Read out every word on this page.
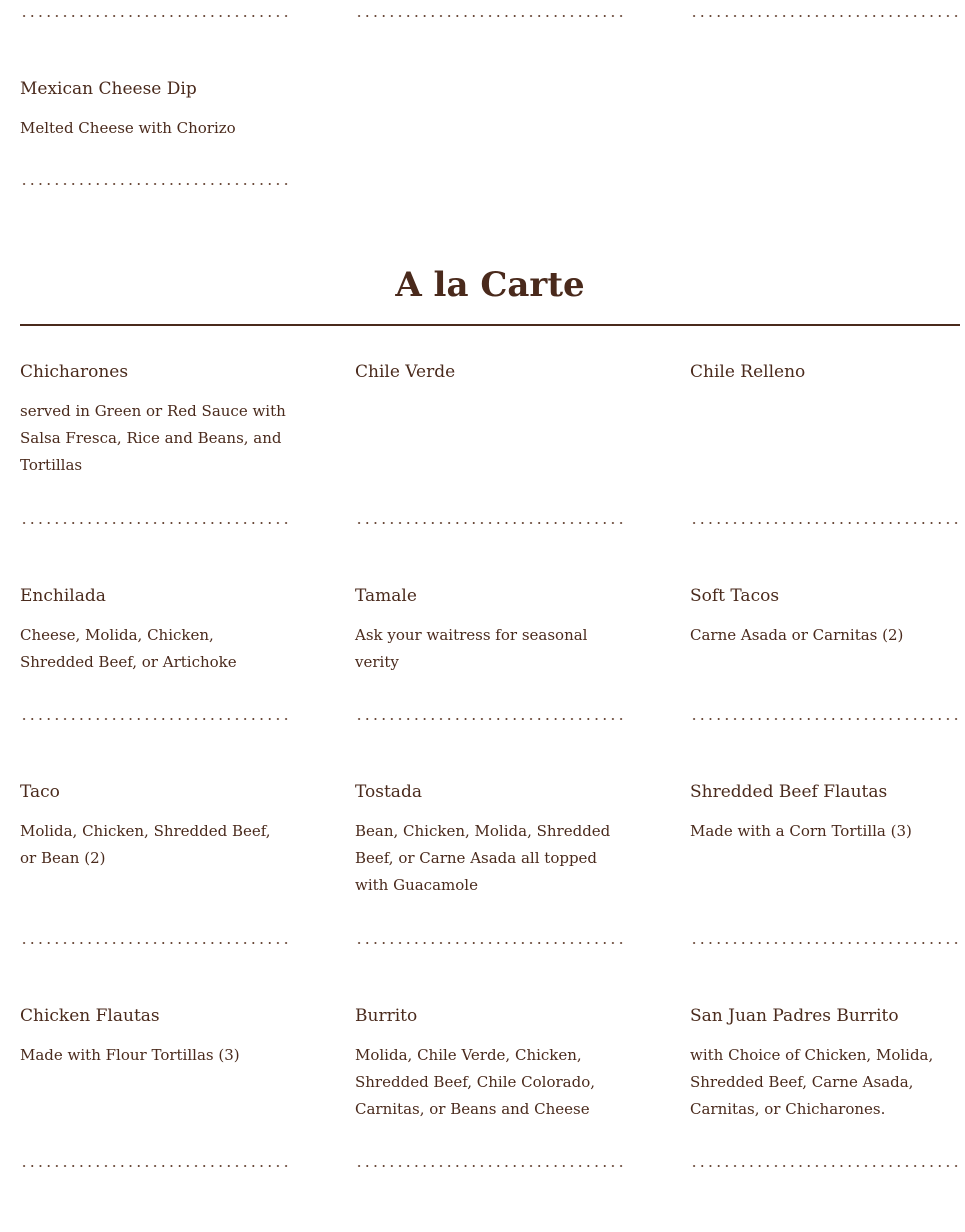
Mexican Cheese Dip
Melted Cheese with Chorizo
A la Carte
Chicharones
served in Green or Red Sauce with Salsa Fresca, Rice and Beans, and Tortillas
Chile Verde	Chile Relleno
Enchilada
Cheese, Molida, Chicken, Shredded Beef, or Artichoke
Tamale
Ask your waitress for seasonal verity
Soft Tacos
Carne Asada or Carnitas (2)
Taco
Molida, Chicken, Shredded Beef, or Bean (2)
Tostada
Bean, Chicken, Molida, Shredded Beef, or Carne Asada all topped with Guacamole
Shredded Beef Flautas
Made with a Corn Tortilla (3)
Chicken Flautas
Made with Flour Tortillas (3)
Burrito
Molida, Chile Verde, Chicken, Shredded Beef, Chile Colorado, Carnitas, or Beans and Cheese
San Juan Padres Burrito
with Choice of Chicken, Molida, Shredded Beef, Carne Asada, Carnitas, or Chicharones.
